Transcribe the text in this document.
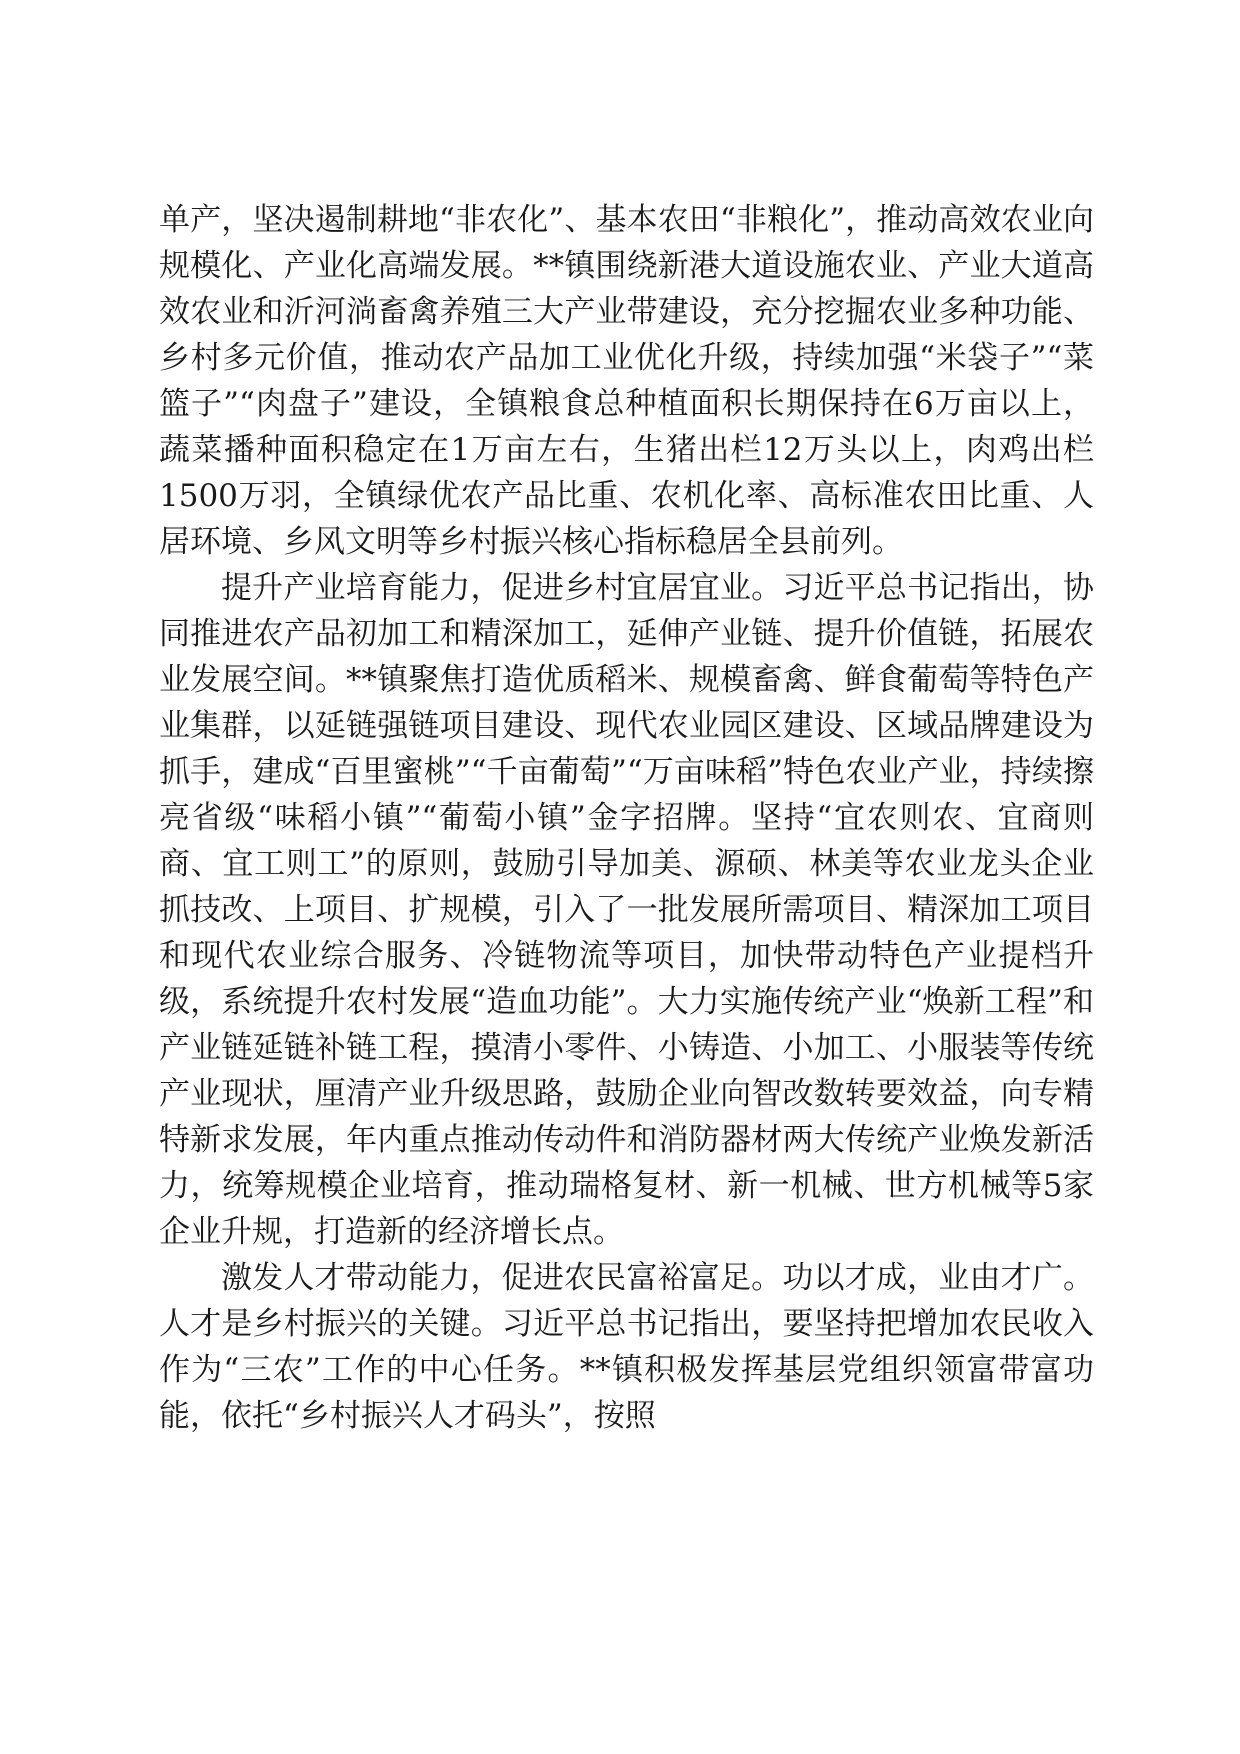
单产，坚决遏制耕地“非农化”、基本农田“非粮化”，推动高效农业向规模化、产业化高端发展。**镇围绕新港大道设施农业、产业大道高效农业和沂河淌畜禽养殖三大产业带建设，充分挖掘农业多种功能、乡村多元价值，推动农产品加工业优化升级，持续加强“米袋子”“菜篮子”“肉盘子”建设，全镇粮食总种植面积长期保持在6万亩以上，蔬菜播种面积稳定在1万亩左右，生猪出栏12万头以上，肉鸡出栏1500万羽，全镇绿优农产品比重、农机化率、高标准农田比重、人居环境、乡风文明等乡村振兴核心指标稳居全县前列。

提升产业培育能力，促进乡村宜居宜业。习近平总书记指出，协同推进农产品初加工和精深加工，延伸产业链、提升价值链，拓展农业发展空间。**镇聚焦打造优质稻米、规模畜禽、鲜食葡萄等特色产业集群，以延链强链项目建设、现代农业园区建设、区域品牌建设为抓手，建成“百里蜜桃”“千亩葡萄”“万亩味稻”特色农业产业，持续擦亮省级“味稻小镇”“葡萄小镇”金字招牌。坚持“宜农则农、宜商则商、宜工则工”的原则，鼓励引导加美、源硕、林美等农业龙头企业抓技改、上项目、扩规模，引入了一批发展所需项目、精深加工项目和现代农业综合服务、冷链物流等项目，加快带动特色产业提档升级，系统提升农村发展“造血功能”。大力实施传统产业“焕新工程”和产业链延链补链工程，摸清小零件、小铸造、小加工、小服装等传统产业现状，厘清产业升级思路，鼓励企业向智改数转要效益，向专精特新求发展，年内重点推动传动件和消防器材两大传统产业焕发新活力，统筹规模企业培育，推动瑞格复材、新一机械、世方机械等5家企业升规，打造新的经济增长点。

激发人才带动能力，促进农民富裕富足。功以才成，业由才广。人才是乡村振兴的关键。习近平总书记指出，要坚持把增加农民收入作为“三农”工作的中心任务。**镇积极发挥基层党组织领富带富功能，依托“乡村振兴人才码头”，按照
